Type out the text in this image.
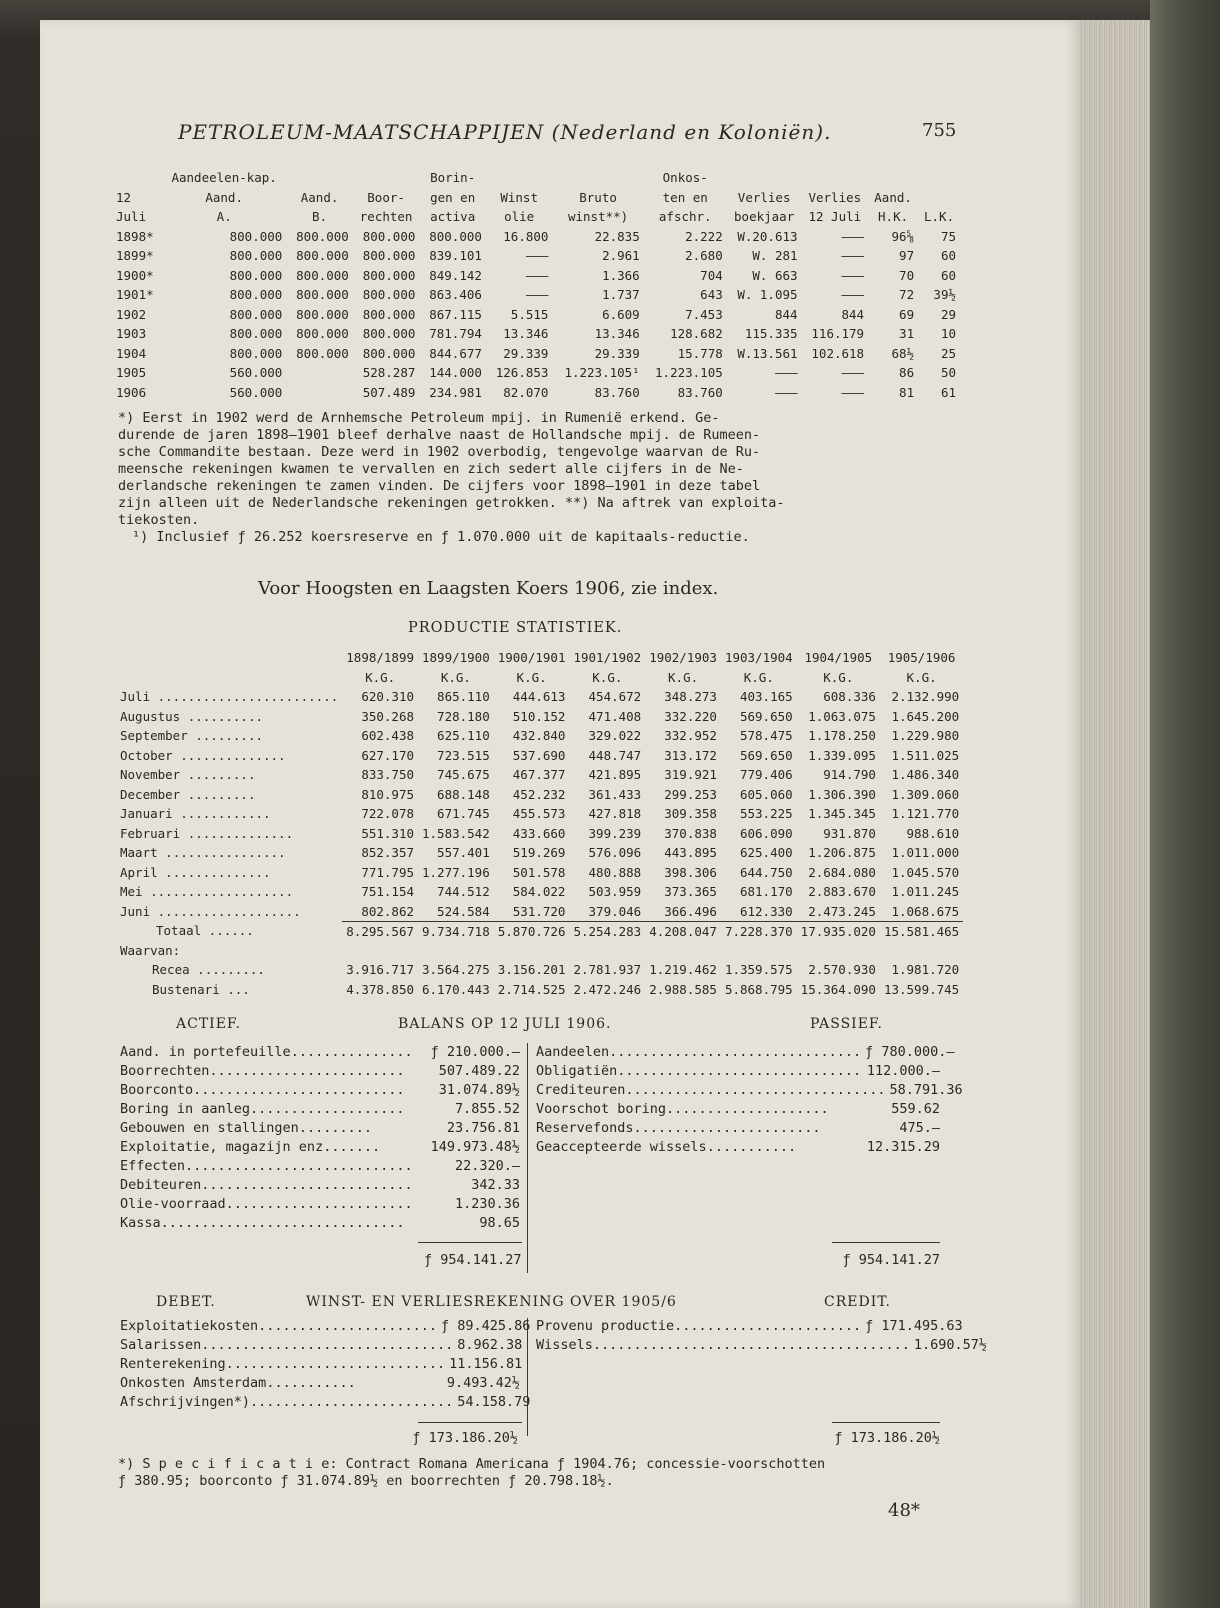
PETROLEUM-MAATSCHAPPIJEN (Nederland en Koloniën).	755
	Aandeelen-kap.			Borin-			Onkos-				
12	Aand.	Aand.	Boor-	gen en	Winst	Bruto	ten en	Verlies	Verlies	Aand.	
Juli	A.	B.	rechten	activa	olie	winst**)	afschr.	boekjaar	12 Juli	H.K.	L.K.
1898*	800.000	800.000	800.000	800.000	16.800	22.835	2.222	W.20.613	———	96⅝	75
1899*	800.000	800.000	800.000	839.101	———	2.961	2.680	W. 281	———	97	60
1900*	800.000	800.000	800.000	849.142	———	1.366	704	W. 663	———	70	60
1901*	800.000	800.000	800.000	863.406	———	1.737	643	W. 1.095	———	72	39½
1902	800.000	800.000	800.000	867.115	5.515	6.609	7.453	844	844	69	29
1903	800.000	800.000	800.000	781.794	13.346	13.346	128.682	115.335	116.179	31	10
1904	800.000	800.000	800.000	844.677	29.339	29.339	15.778	W.13.561	102.618	68½	25
1905	560.000		528.287	144.000	126.853	1.223.105¹	1.223.105	———	———	86	50
1906	560.000		507.489	234.981	82.070	83.760	83.760	———	———	81	61
*) Eerst in 1902 werd de Arnhemsche Petroleum mpij. in Rumenië erkend. Ge-
durende de jaren 1898—1901 bleef derhalve naast de Hollandsche mpij. de Rumeen-
sche Commandite bestaan. Deze werd in 1902 overbodig, tengevolge waarvan de Ru-
meensche rekeningen kwamen te vervallen en zich sedert alle cijfers in de Ne-
derlandsche rekeningen te zamen vinden. De cijfers voor 1898—1901 in deze tabel
zijn alleen uit de Nederlandsche rekeningen getrokken. **) Na aftrek van exploita-
tiekosten.
¹) Inclusief ƒ 26.252 koersreserve en ƒ 1.070.000 uit de kapitaals-reductie.
Voor Hoogsten en Laagsten Koers 1906, zie index.
PRODUCTIE STATISTIEK.
	1898/1899	1899/1900	1900/1901	1901/1902	1902/1903	1903/1904	1904/1905	1905/1906
	K.G.	K.G.	K.G.	K.G.	K.G.	K.G.	K.G.	K.G.
Juli ........................	620.310	865.110	444.613	454.672	348.273	403.165	608.336	2.132.990
Augustus ..........	350.268	728.180	510.152	471.408	332.220	569.650	1.063.075	1.645.200
September .........	602.438	625.110	432.840	329.022	332.952	578.475	1.178.250	1.229.980
October ..............	627.170	723.515	537.690	448.747	313.172	569.650	1.339.095	1.511.025
November .........	833.750	745.675	467.377	421.895	319.921	779.406	914.790	1.486.340
December .........	810.975	688.148	452.232	361.433	299.253	605.060	1.306.390	1.309.060
Januari ............	722.078	671.745	455.573	427.818	309.358	553.225	1.345.345	1.121.770
Februari ..............	551.310	1.583.542	433.660	399.239	370.838	606.090	931.870	988.610
Maart ................	852.357	557.401	519.269	576.096	443.895	625.400	1.206.875	1.011.000
April ..............	771.795	1.277.196	501.578	480.888	398.306	644.750	2.684.080	1.045.570
Mei ...................	751.154	744.512	584.022	503.959	373.365	681.170	2.883.670	1.011.245
Juni ...................	802.862	524.584	531.720	379.046	366.496	612.330	2.473.245	1.068.675
Totaal ......	8.295.567	9.734.718	5.870.726	5.254.283	4.208.047	7.228.370	17.935.020	15.581.465
Waarvan:								
Recea .........	3.916.717	3.564.275	3.156.201	2.781.937	1.219.462	1.359.575	2.570.930	1.981.720
Bustenari ...	4.378.850	6.170.443	2.714.525	2.472.246	2.988.585	5.868.795	15.364.090	13.599.745
ACTIEF.	BALANS OP 12 JULI 1906.	PASSIEF.
Aand. in portefeuille ...............	ƒ 210.000.—
Boorrechten ........................	507.489.22
Boorconto ..........................	31.074.89½
Boring in aanleg ...................	7.855.52
Gebouwen en stallingen .........	23.756.81
Exploitatie, magazijn enz. ......	149.973.48½
Effecten ............................	22.320.—
Debiteuren ..........................	342.33
Olie-voorraad .......................	1.230.36
Kassa ..............................	98.65
Aandeelen ............................... ƒ 780.000.—
Obligatiën .............................. 112.000.—
Crediteuren ................................ 58.791.36
Voorschot boring ....................	559.62
Reservefonds .......................	475.—
Geaccepteerde wissels ...........	12.315.29
ƒ 954.141.27	ƒ 954.141.27
DEBET.	WINST- EN VERLIESREKENING OVER 1905/6	CREDIT.
Exploitatiekosten ...................... ƒ 89.425.86
Salarissen ............................... 8.962.38
Renterekening ........................... 11.156.81
Onkosten Amsterdam ...........	9.493.42½
Afschrijvingen*) ......................... 54.158.79
Provenu productie ....................... ƒ 171.495.63
Wissels ....................................... 1.690.57½
ƒ 173.186.20½	ƒ 173.186.20½
*) S p e c i f i c a t i e: Contract Romana Americana ƒ 1904.76; concessie-voorschotten
ƒ 380.95; boorconto ƒ 31.074.89½ en boorrechten ƒ 20.798.18½.
48*
